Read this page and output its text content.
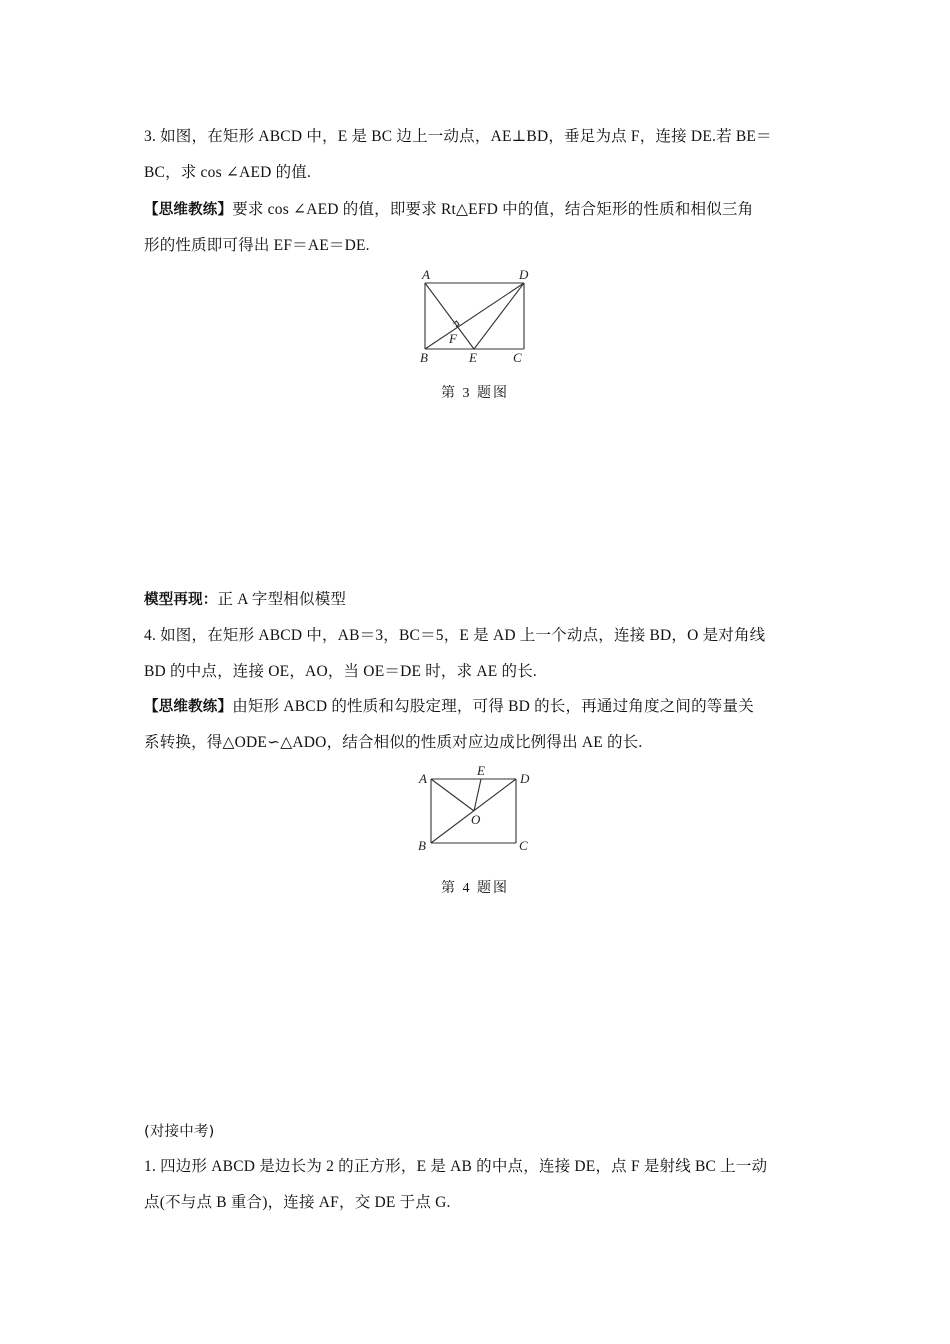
3. 如图，在矩形 ABCD 中，E 是 BC 边上一动点，AE⊥BD，垂足为点 F，连接 DE.若 BE＝
BC，求 cos ∠AED 的值.
【思维教练】要求 cos ∠AED 的值，即要求 Rt△EFD 中的值，结合矩形的性质和相似三角
形的性质即可得出 EF＝AE＝DE.
A	D
B	E	C
F
第 3 题图
模型再现：正 A 字型相似模型
4. 如图，在矩形 ABCD 中，AB＝3，BC＝5，E 是 AD 上一个动点，连接 BD，O 是对角线
BD 的中点，连接 OE，AO，当 OE＝DE 时，求 AE 的长.
【思维教练】由矩形 ABCD 的性质和勾股定理，可得 BD 的长，再通过角度之间的等量关
系转换，得△ODE∽△ADO，结合相似的性质对应边成比例得出 AE 的长.
A
E
D
O
B	C
第 4 题图
(对接中考)
1. 四边形 ABCD 是边长为 2 的正方形，E 是 AB 的中点，连接 DE，点 F 是射线 BC 上一动
点(不与点 B 重合)，连接 AF，交 DE 于点 G.
